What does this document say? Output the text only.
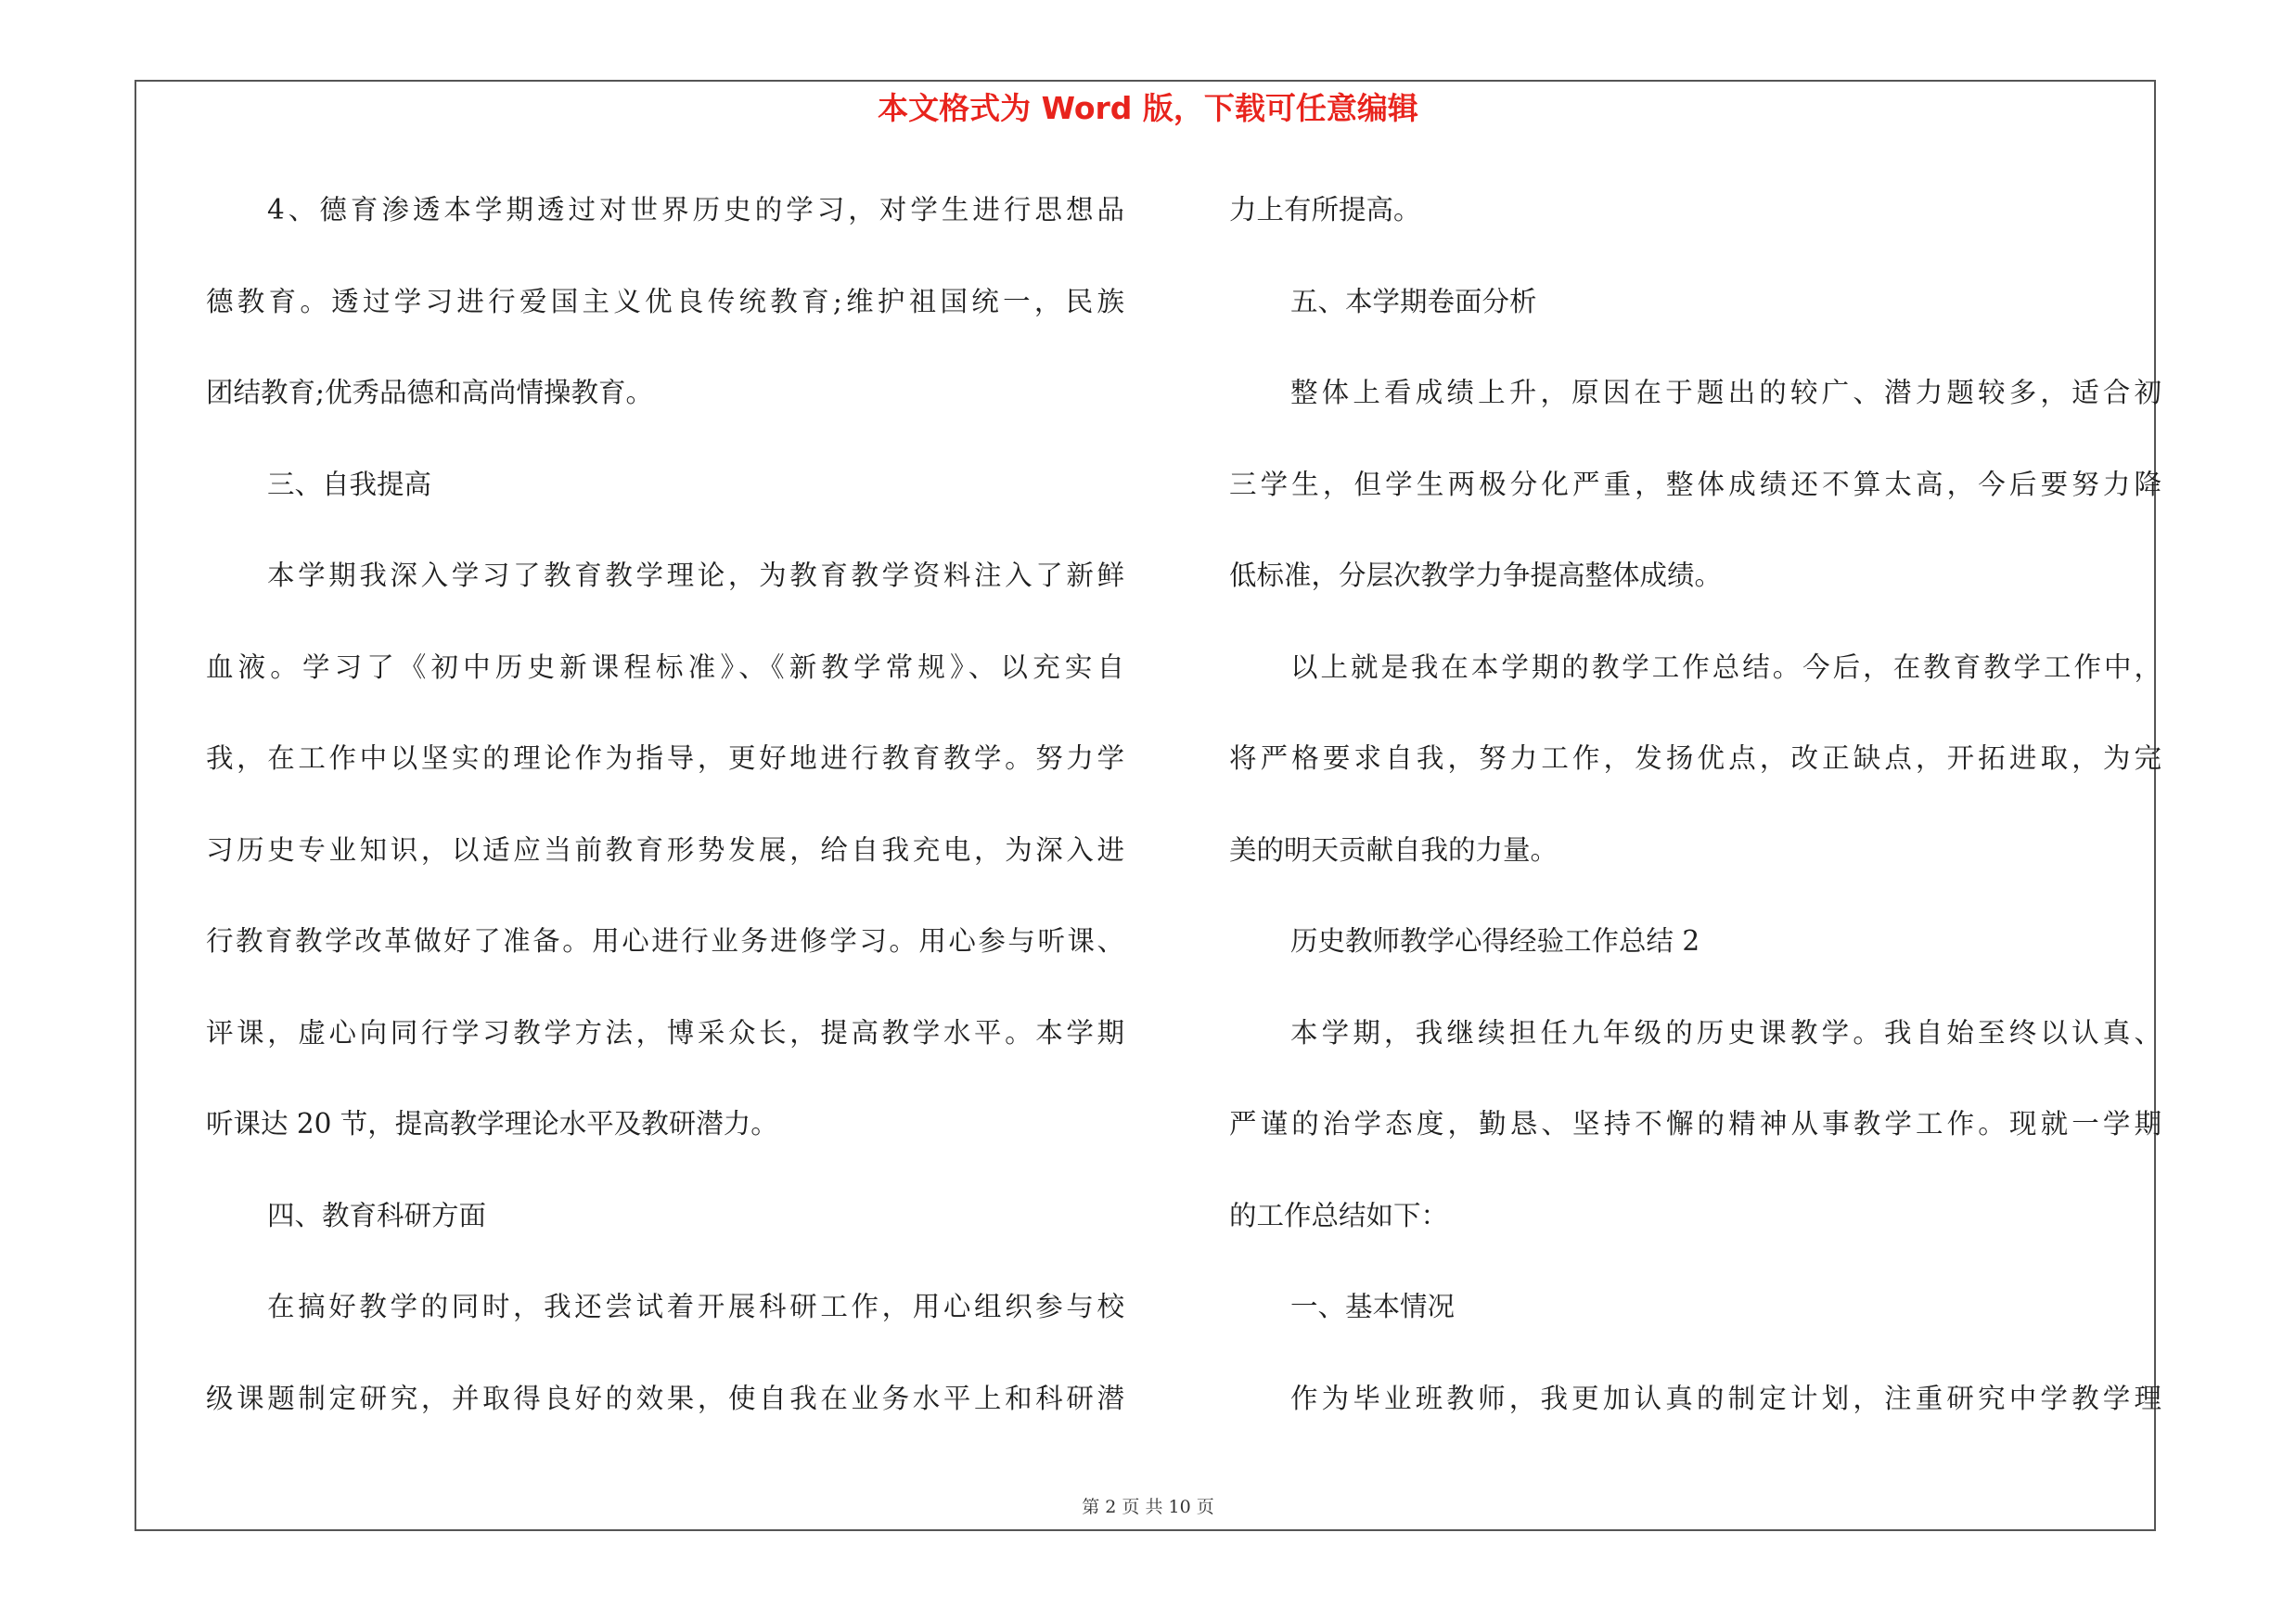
本文格式为 Word 版，下载可任意编辑
4、德育渗透本学期透过对世界历史的学习，对学生进行思想品
德教育。透过学习进行爱国主义优良传统教育;维护祖国统一，民族
团结教育;优秀品德和高尚情操教育。
三、自我提高
本学期我深入学习了教育教学理论，为教育教学资料注入了新鲜
血液。学习了《初中历史新课程标准》、《新教学常规》、以充实自
我，在工作中以坚实的理论作为指导，更好地进行教育教学。努力学
习历史专业知识，以适应当前教育形势发展，给自我充电，为深入进
行教育教学改革做好了准备。用心进行业务进修学习。用心参与听课、
评课，虚心向同行学习教学方法，博采众长，提高教学水平。本学期
听课达 20 节，提高教学理论水平及教研潜力。
四、教育科研方面
在搞好教学的同时，我还尝试着开展科研工作，用心组织参与校
级课题制定研究，并取得良好的效果，使自我在业务水平上和科研潜
力上有所提高。
五、本学期卷面分析
整体上看成绩上升，原因在于题出的较广、潜力题较多，适合初
三学生，但学生两极分化严重，整体成绩还不算太高，今后要努力降
低标准，分层次教学力争提高整体成绩。
以上就是我在本学期的教学工作总结。今后，在教育教学工作中，
将严格要求自我，努力工作，发扬优点，改正缺点，开拓进取，为完
美的明天贡献自我的力量。
历史教师教学心得经验工作总结 2
本学期，我继续担任九年级的历史课教学。我自始至终以认真、
严谨的治学态度，勤恳、坚持不懈的精神从事教学工作。现就一学期
的工作总结如下：
一、基本情况
作为毕业班教师，我更加认真的制定计划，注重研究中学教学理
第 2 页 共 10 页
